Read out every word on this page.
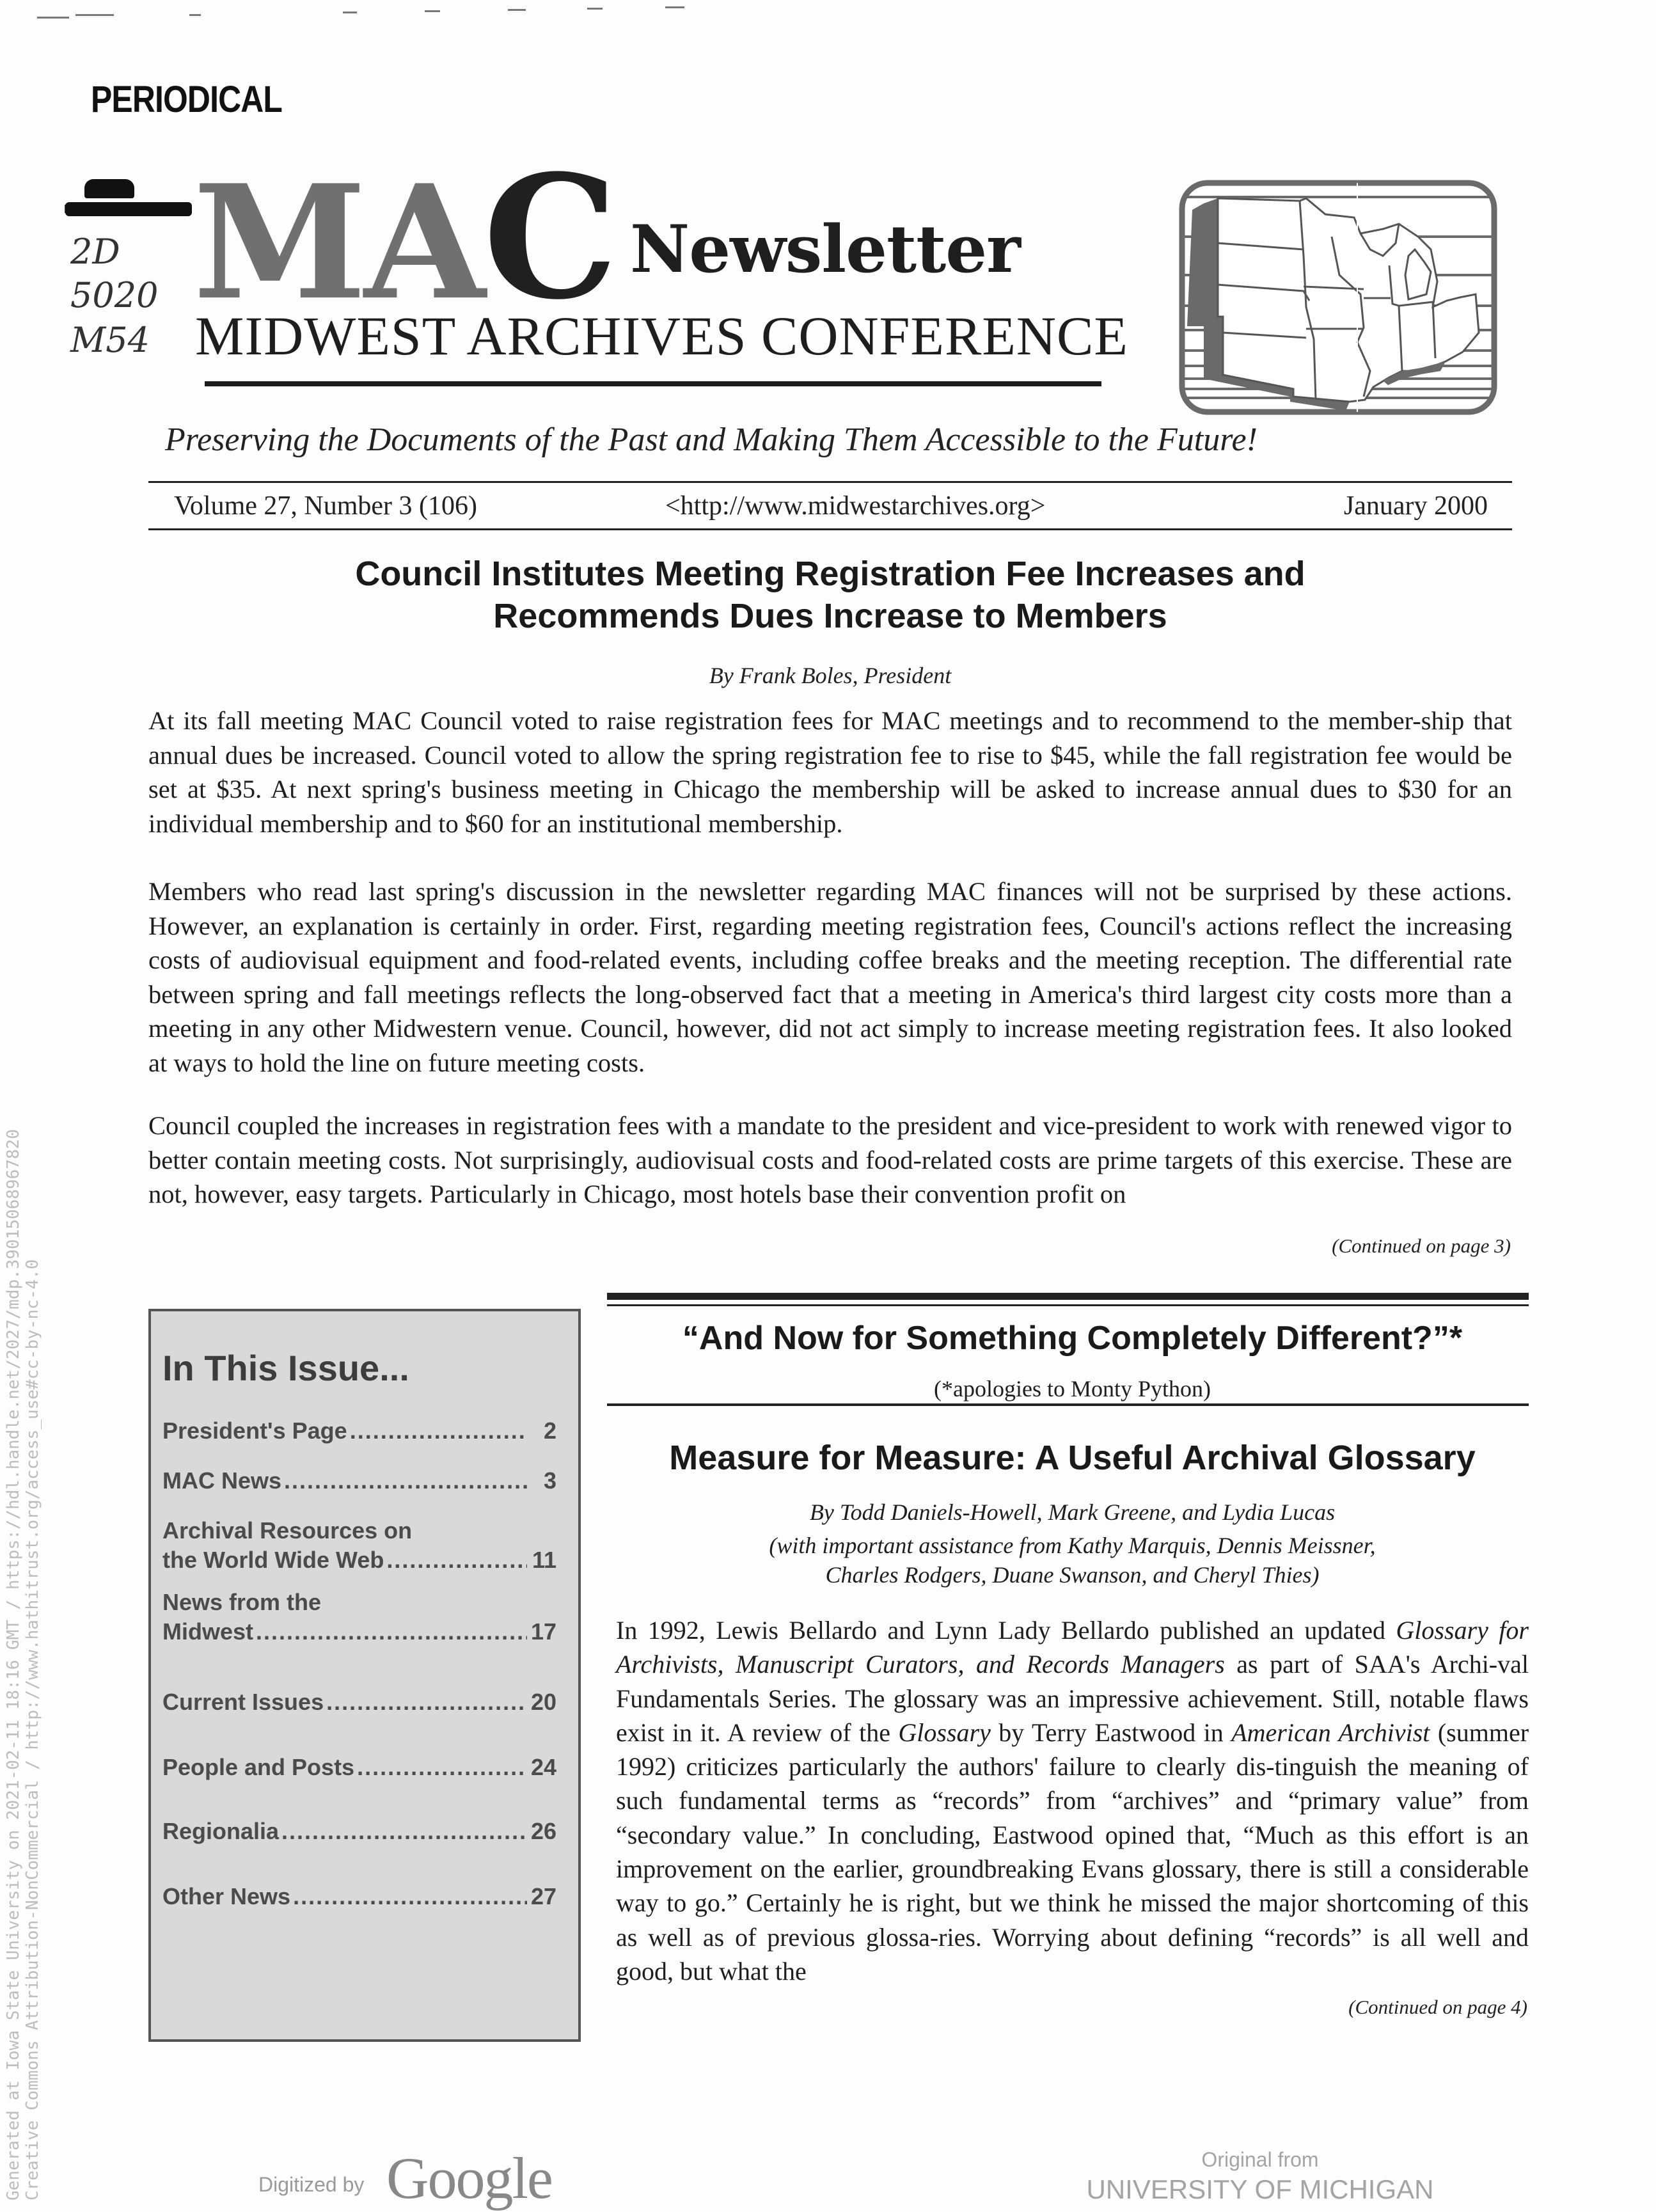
PERIODICAL
B
2D
5020
M54
MA C Newsletter
MIDWEST ARCHIVES CONFERENCE
Preserving the Documents of the Past and Making Them Accessible to the Future!
Volume 27, Number 3 (106)	<http://www.midwestarchives.org>	January 2000
Council Institutes Meeting Registration Fee Increases and
Recommends Dues Increase to Members
By Frank Boles, President
At its fall meeting MAC Council voted to raise registration fees for MAC meetings and to recommend to the member-ship that annual dues be increased. Council voted to allow the spring registration fee to rise to $45, while the fall registration fee would be set at $35. At next spring's business meeting in Chicago the membership will be asked to increase annual dues to $30 for an individual membership and to $60 for an institutional membership.
Members who read last spring's discussion in the newsletter regarding MAC finances will not be surprised by these actions. However, an explanation is certainly in order. First, regarding meeting registration fees, Council's actions reflect the increasing costs of audiovisual equipment and food-related events, including coffee breaks and the meeting reception. The differential rate between spring and fall meetings reflects the long-observed fact that a meeting in America's third largest city costs more than a meeting in any other Midwestern venue. Council, however, did not act simply to increase meeting registration fees. It also looked at ways to hold the line on future meeting costs.
Council coupled the increases in registration fees with a mandate to the president and vice-president to work with renewed vigor to better contain meeting costs. Not surprisingly, audiovisual costs and food-related costs are prime targets of this exercise. These are not, however, easy targets. Particularly in Chicago, most hotels base their convention profit on
(Continued on page 3)
In This Issue...
President's Page .....	2
MAC News .....	3
Archival Resources on
the World Wide Web .....	11
News from the
Midwest .....	17
Current Issues .....	20
People and Posts .....	24
Regionalia .....	26
Other News .....	27
“And Now for Something Completely Different?”*
(*apologies to Monty Python)
Measure for Measure: A Useful Archival Glossary
By Todd Daniels-Howell, Mark Greene, and Lydia Lucas
(with important assistance from Kathy Marquis, Dennis Meissner,
Charles Rodgers, Duane Swanson, and Cheryl Thies)
In 1992, Lewis Bellardo and Lynn Lady Bellardo published an updated Glossary for Archivists, Manuscript Curators, and Records Managers as part of SAA's Archi-val Fundamentals Series. The glossary was an impressive achievement. Still, notable flaws exist in it. A review of the Glossary by Terry Eastwood in American Archivist (summer 1992) criticizes particularly the authors' failure to clearly dis-tinguish the meaning of such fundamental terms as “records” from “archives” and “primary value” from “secondary value.” In concluding, Eastwood opined that, “Much as this effort is an improvement on the earlier, groundbreaking Evans glossary, there is still a considerable way to go.” Certainly he is right, but we think he missed the major shortcoming of this as well as of previous glossa-ries. Worrying about defining “records” is all well and good, but what the
(Continued on page 4)
Generated at Iowa State University on 2021-02-11 18:16 GMT / https://hdl.handle.net/2027/mdp.39015068967820 Creative Commons Attribution-NonCommercial / http://www.hathitrust.org/access_use#cc-by-nc-4.0	Digitized by Google	Original from
UNIVERSITY OF MICHIGAN
